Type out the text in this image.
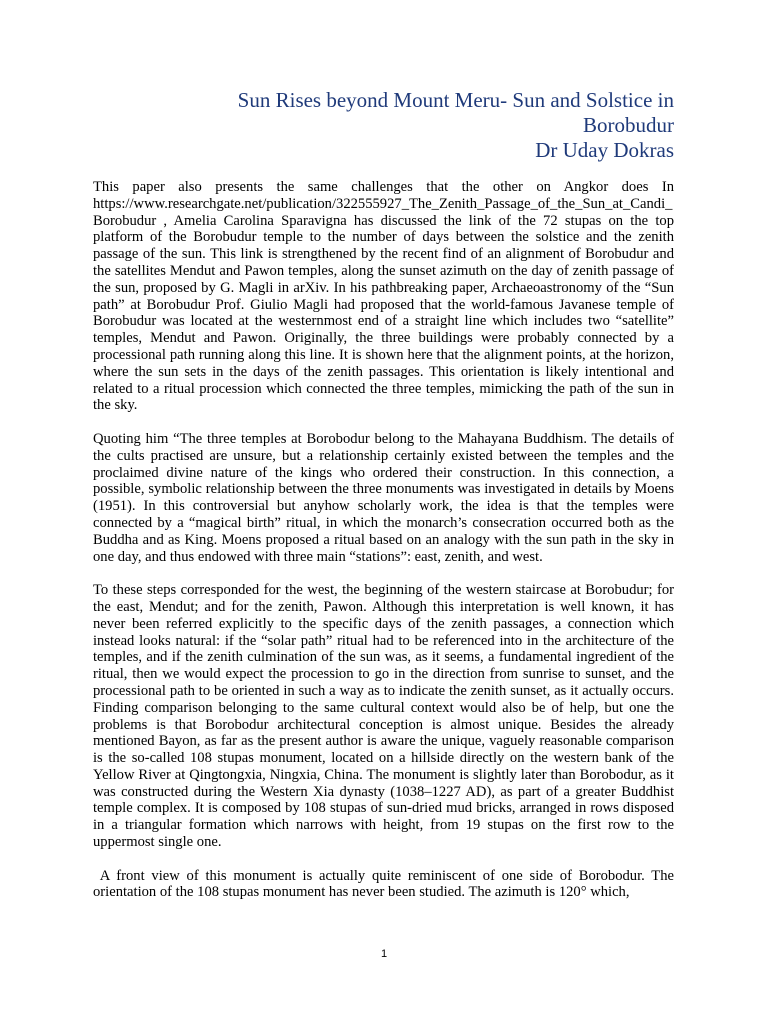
Sun Rises beyond Mount Meru- Sun and Solstice in
Borobudur
Dr Uday Dokras

This paper also presents the same challenges that the other on Angkor does In https://www.researchgate.net/publication/322555927_The_Zenith_Passage_of_the_Sun_at_Candi_Borobudur , Amelia Carolina Sparavigna has discussed the link of the 72 stupas on the top platform of the Borobudur temple to the number of days between the solstice and the zenith passage of the sun. This link is strengthened by the recent find of an alignment of Borobudur and the satellites Mendut and Pawon temples, along the sunset azimuth on the day of zenith passage of the sun, proposed by G. Magli in arXiv. In his pathbreaking paper, Archaeoastronomy of the “Sun path” at Borobudur Prof. Giulio Magli had proposed that the world-famous Javanese temple of Borobudur was located at the westernmost end of a straight line which includes two “satellite” temples, Mendut and Pawon. Originally, the three buildings were probably connected by a processional path running along this line. It is shown here that the alignment points, at the horizon, where the sun sets in the days of the zenith passages. This orientation is likely intentional and related to a ritual procession which connected the three temples, mimicking the path of the sun in the sky.

Quoting him “The three temples at Borobodur belong to the Mahayana Buddhism. The details of the cults practised are unsure, but a relationship certainly existed between the temples and the proclaimed divine nature of the kings who ordered their construction. In this connection, a possible, symbolic relationship between the three monuments was investigated in details by Moens (1951). In this controversial but anyhow scholarly work, the idea is that the temples were connected by a “magical birth” ritual, in which the monarch’s consecration occurred both as the Buddha and as King. Moens proposed a ritual based on an analogy with the sun path in the sky in one day, and thus endowed with three main “stations”: east, zenith, and west.

To these steps corresponded for the west, the beginning of the western staircase at Borobudur; for the east, Mendut; and for the zenith, Pawon. Although this interpretation is well known, it has never been referred explicitly to the specific days of the zenith passages, a connection which instead looks natural: if the “solar path” ritual had to be referenced into in the architecture of the temples, and if the zenith culmination of the sun was, as it seems, a fundamental ingredient of the ritual, then we would expect the procession to go in the direction from sunrise to sunset, and the processional path to be oriented in such a way as to indicate the zenith sunset, as it actually occurs. Finding comparison belonging to the same cultural context would also be of help, but one the problems is that Borobodur architectural conception is almost unique. Besides the already mentioned Bayon, as far as the present author is aware the unique, vaguely reasonable comparison is the so-called 108 stupas monument, located on a hillside directly on the western bank of the Yellow River at Qingtongxia, Ningxia, China. The monument is slightly later than Borobodur, as it was constructed during the Western Xia dynasty (1038–1227 AD), as part of a greater Buddhist temple complex. It is composed by 108 stupas of sun-dried mud bricks, arranged in rows disposed in a triangular formation which narrows with height, from 19 stupas on the first row to the uppermost single one.

A front view of this monument is actually quite reminiscent of one side of Borobodur. The orientation of the 108 stupas monument has never been studied. The azimuth is 120° which,

1
